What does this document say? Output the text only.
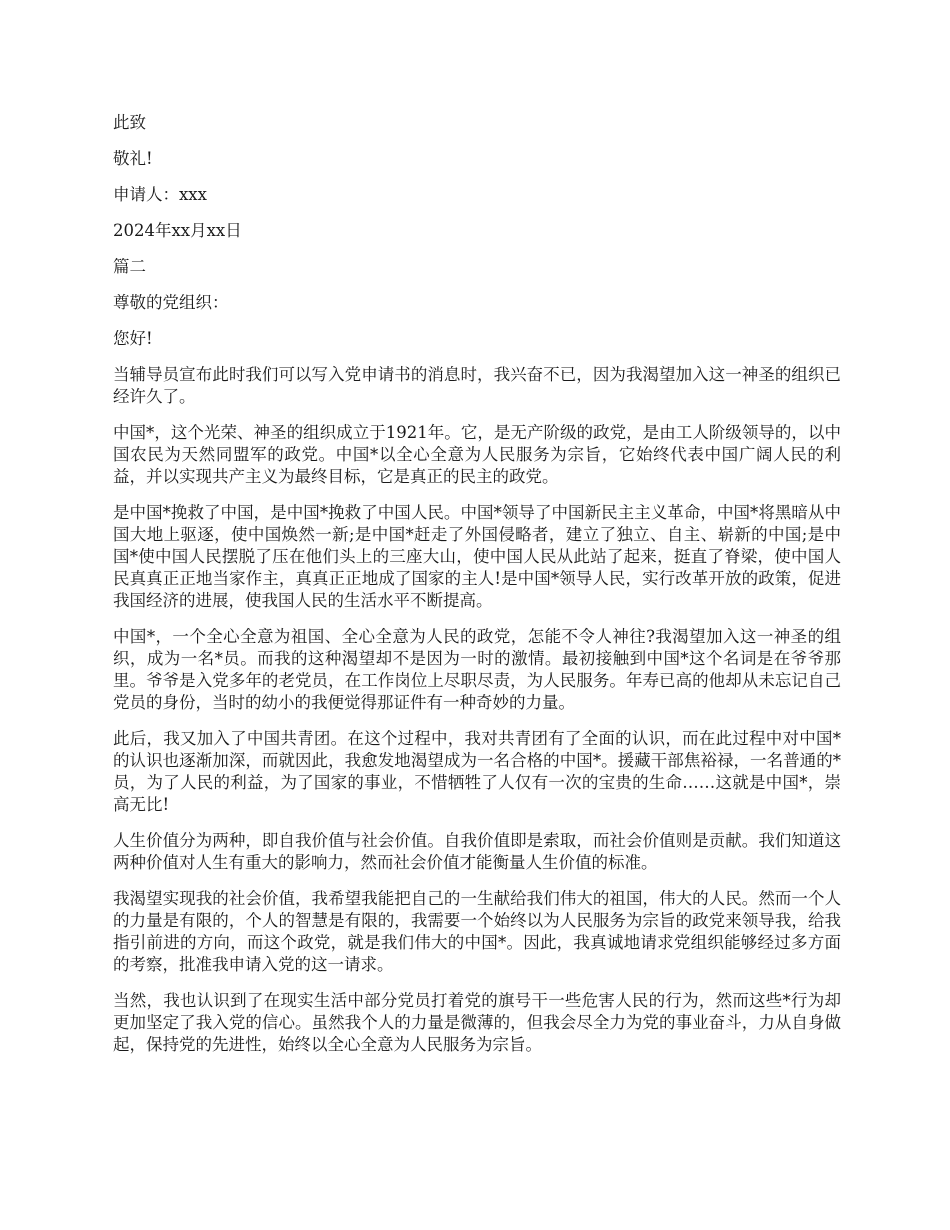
此致

敬礼!

申请人：xxx

2024年xx月xx日

篇二

尊敬的党组织：

您好!

当辅导员宣布此时我们可以写入党申请书的消息时，我兴奋不已，因为我渴望加入这一神圣的组织已经许久了。

中国*，这个光荣、神圣的组织成立于1921年。它，是无产阶级的政党，是由工人阶级领导的，以中国农民为天然同盟军的政党。中国*以全心全意为人民服务为宗旨，它始终代表中国广阔人民的利益，并以实现共产主义为最终目标，它是真正的民主的政党。

是中国*挽救了中国，是中国*挽救了中国人民。中国*领导了中国新民主主义革命，中国*将黑暗从中国大地上驱逐，使中国焕然一新;是中国*赶走了外国侵略者，建立了独立、自主、崭新的中国;是中国*使中国人民摆脱了压在他们头上的三座大山，使中国人民从此站了起来，挺直了脊梁，使中国人民真真正正地当家作主，真真正正地成了国家的主人!是中国*领导人民，实行改革开放的政策，促进我国经济的进展，使我国人民的生活水平不断提高。

中国*，一个全心全意为祖国、全心全意为人民的政党，怎能不令人神往?我渴望加入这一神圣的组织，成为一名*员。而我的这种渴望却不是因为一时的激情。最初接触到中国*这个名词是在爷爷那里。爷爷是入党多年的老党员，在工作岗位上尽职尽责，为人民服务。年寿已高的他却从未忘记自己党员的身份，当时的幼小的我便觉得那证件有一种奇妙的力量。

此后，我又加入了中国共青团。在这个过程中，我对共青团有了全面的认识，而在此过程中对中国*的认识也逐渐加深，而就因此，我愈发地渴望成为一名合格的中国*。援藏干部焦裕禄，一名普通的*员，为了人民的利益，为了国家的事业，不惜牺牲了人仅有一次的宝贵的生命……这就是中国*，崇高无比!

人生价值分为两种，即自我价值与社会价值。自我价值即是索取，而社会价值则是贡献。我们知道这两种价值对人生有重大的影响力，然而社会价值才能衡量人生价值的标准。

我渴望实现我的社会价值，我希望我能把自己的一生献给我们伟大的祖国，伟大的人民。然而一个人的力量是有限的，个人的智慧是有限的，我需要一个始终以为人民服务为宗旨的政党来领导我，给我指引前进的方向，而这个政党，就是我们伟大的中国*。因此，我真诚地请求党组织能够经过多方面的考察，批准我申请入党的这一请求。

当然，我也认识到了在现实生活中部分党员打着党的旗号干一些危害人民的行为，然而这些*行为却更加坚定了我入党的信心。虽然我个人的力量是微薄的，但我会尽全力为党的事业奋斗，力从自身做起，保持党的先进性，始终以全心全意为人民服务为宗旨。
